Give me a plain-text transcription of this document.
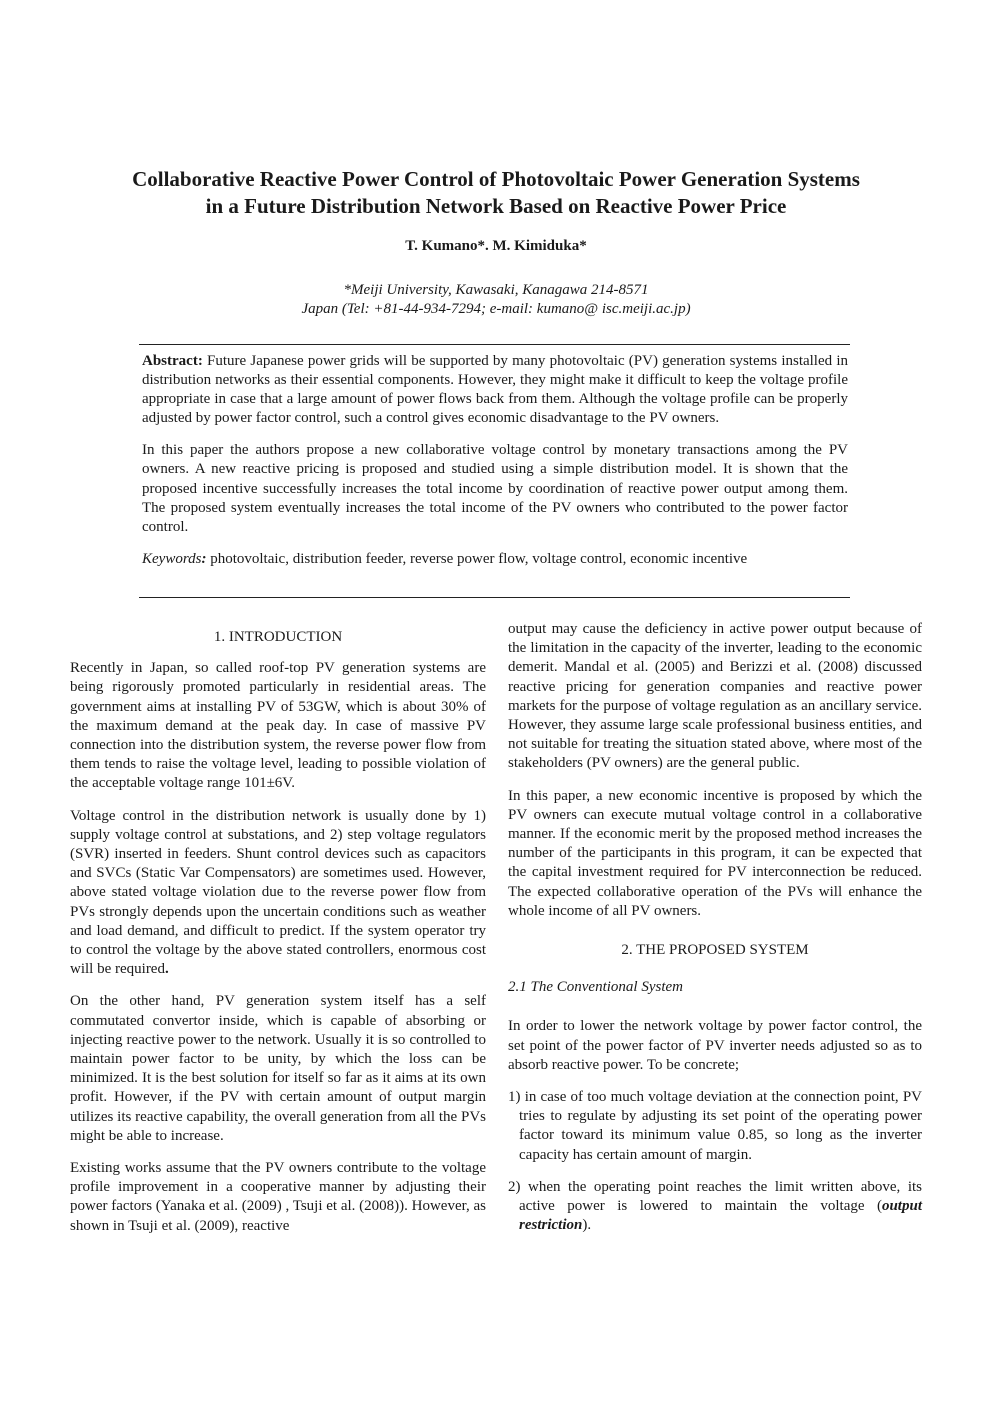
Collaborative Reactive Power Control of Photovoltaic Power Generation Systems
in a Future Distribution Network Based on Reactive Power Price
T. Kumano*. M. Kimiduka*
*Meiji University, Kawasaki, Kanagawa 214-8571
Japan (Tel: +81-44-934-7294; e-mail: kumano@ isc.meiji.ac.jp)

Abstract: Future Japanese power grids will be supported by many photovoltaic (PV) generation systems installed in distribution networks as their essential components. However, they might make it difficult to keep the voltage profile appropriate in case that a large amount of power flows back from them. Although the voltage profile can be properly adjusted by power factor control, such a control gives economic disadvantage to the PV owners.

In this paper the authors propose a new collaborative voltage control by monetary transactions among the PV owners. A new reactive pricing is proposed and studied using a simple distribution model. It is shown that the proposed incentive successfully increases the total income by coordination of reactive power output among them. The proposed system eventually increases the total income of the PV owners who contributed to the power factor control.

Keywords: photovoltaic, distribution feeder, reverse power flow, voltage control, economic incentive

1. INTRODUCTION

Recently in Japan, so called roof-top PV generation systems are being rigorously promoted particularly in residential areas. The government aims at installing PV of 53GW, which is about 30% of the maximum demand at the peak day. In case of massive PV connection into the distribution system, the reverse power flow from them tends to raise the voltage level, leading to possible violation of the acceptable voltage range 101±6V.

Voltage control in the distribution network is usually done by 1) supply voltage control at substations, and 2) step voltage regulators (SVR) inserted in feeders. Shunt control devices such as capacitors and SVCs (Static Var Compensators) are sometimes used. However, above stated voltage violation due to the reverse power flow from PVs strongly depends upon the uncertain conditions such as weather and load demand, and difficult to predict. If the system operator try to control the voltage by the above stated controllers, enormous cost will be required.

On the other hand, PV generation system itself has a self commutated convertor inside, which is capable of absorbing or injecting reactive power to the network. Usually it is so controlled to maintain power factor to be unity, by which the loss can be minimized. It is the best solution for itself so far as it aims at its own profit. However, if the PV with certain amount of output margin utilizes its reactive capability, the overall generation from all the PVs might be able to increase.

Existing works assume that the PV owners contribute to the voltage profile improvement in a cooperative manner by adjusting their power factors (Yanaka et al. (2009) , Tsuji et al. (2008)). However, as shown in Tsuji et al. (2009), reactive

output may cause the deficiency in active power output because of the limitation in the capacity of the inverter, leading to the economic demerit. Mandal et al. (2005) and Berizzi et al. (2008) discussed reactive pricing for generation companies and reactive power markets for the purpose of voltage regulation as an ancillary service. However, they assume large scale professional business entities, and not suitable for treating the situation stated above, where most of the stakeholders (PV owners) are the general public.

In this paper, a new economic incentive is proposed by which the PV owners can execute mutual voltage control in a collaborative manner. If the economic merit by the proposed method increases the number of the participants in this program, it can be expected that the capital investment required for PV interconnection be reduced. The expected collaborative operation of the PVs will enhance the whole income of all PV owners.

2. THE PROPOSED SYSTEM
2.1 The Conventional System

In order to lower the network voltage by power factor control, the set point of the power factor of PV inverter needs adjusted so as to absorb reactive power. To be concrete;

1) in case of too much voltage deviation at the connection point, PV tries to regulate by adjusting its set point of the operating power factor toward its minimum value 0.85, so long as the inverter capacity has certain amount of margin.
2) when the operating point reaches the limit written above, its active power is lowered to maintain the voltage (output restriction).
